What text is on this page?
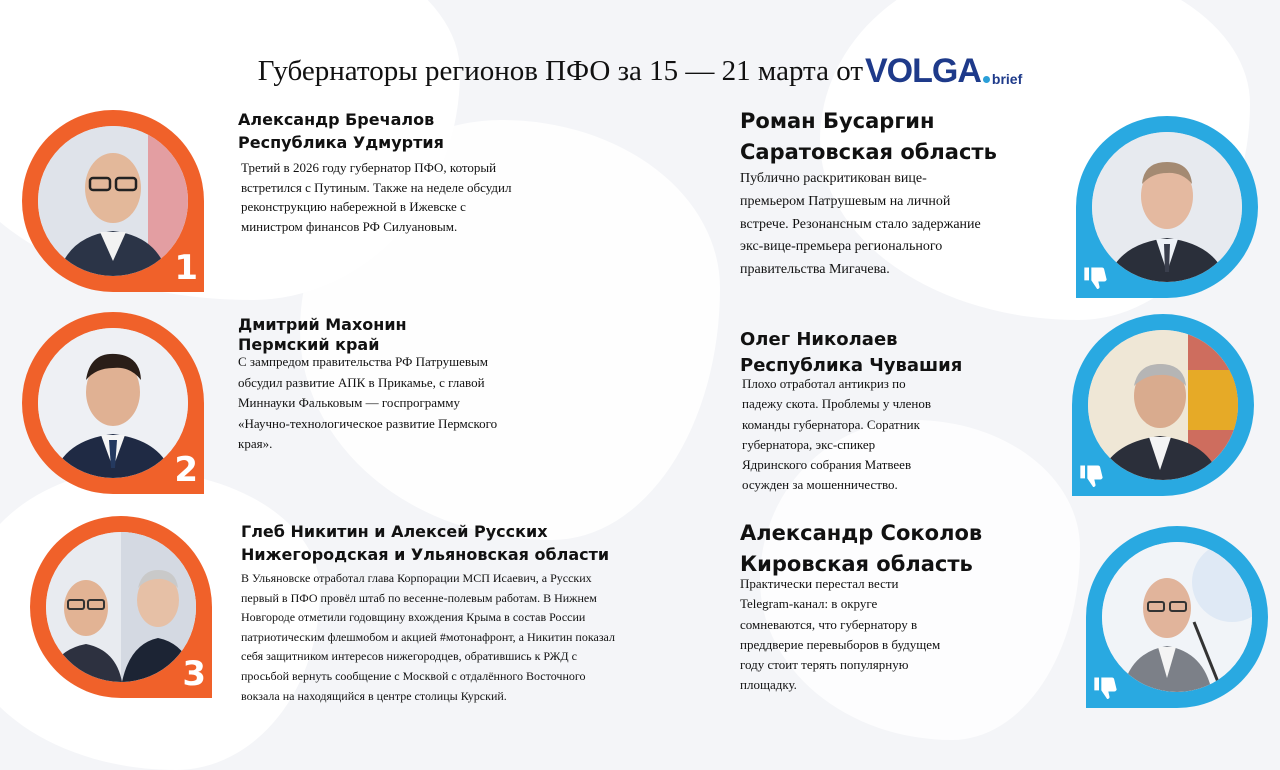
Губернаторы регионов ПФО за 15 — 21 марта от VOLGA brief
1
Александр Бречалов
Республика Удмуртия
Третий в 2026 году губернатор ПФО, который встретился с Путиным. Также на неделе обсудил реконструкцию набережной в Ижевске с министром финансов РФ Силуановым.
2
Дмитрий Махонин
Пермский край
С зампредом правительства РФ Патрушевым обсудил развитие АПК в Прикамье, с главой Миннауки Фальковым — госпрограмму «Научно-технологическое развитие Пермского края».
3
Глеб Никитин и Алексей Русских
Нижегородская и Ульяновская области
В Ульяновске отработал глава Корпорации МСП Исаевич, а Русских первый в ПФО провёл штаб по весенне-полевым работам. В Нижнем Новгороде отметили годовщину вхождения Крыма в состав России патриотическим флешмобом и акцией #мотонафронт, а Никитин показал себя защитником интересов нижегородцев, обратившись к РЖД с просьбой вернуть сообщение с Москвой с отдалённого Восточного вокзала на находящийся в центре столицы Курский.
Роман Бусаргин
Саратовская область
Публично раскритикован вице-премьером Патрушевым на личной встрече. Резонансным стало задержание экс-вице-премьера регионального правительства Мигачева.
Олег Николаев
Республика Чувашия
Плохо отработал антикриз по падежу скота. Проблемы у членов команды губернатора. Соратник губернатора, экс-спикер Ядринского собрания Матвеев осужден за мошенничество.
Александр Соколов
Кировская область
Практически перестал вести Telegram-канал: в округе сомневаются, что губернатору в преддверие перевыборов в будущем году стоит терять популярную площадку.
